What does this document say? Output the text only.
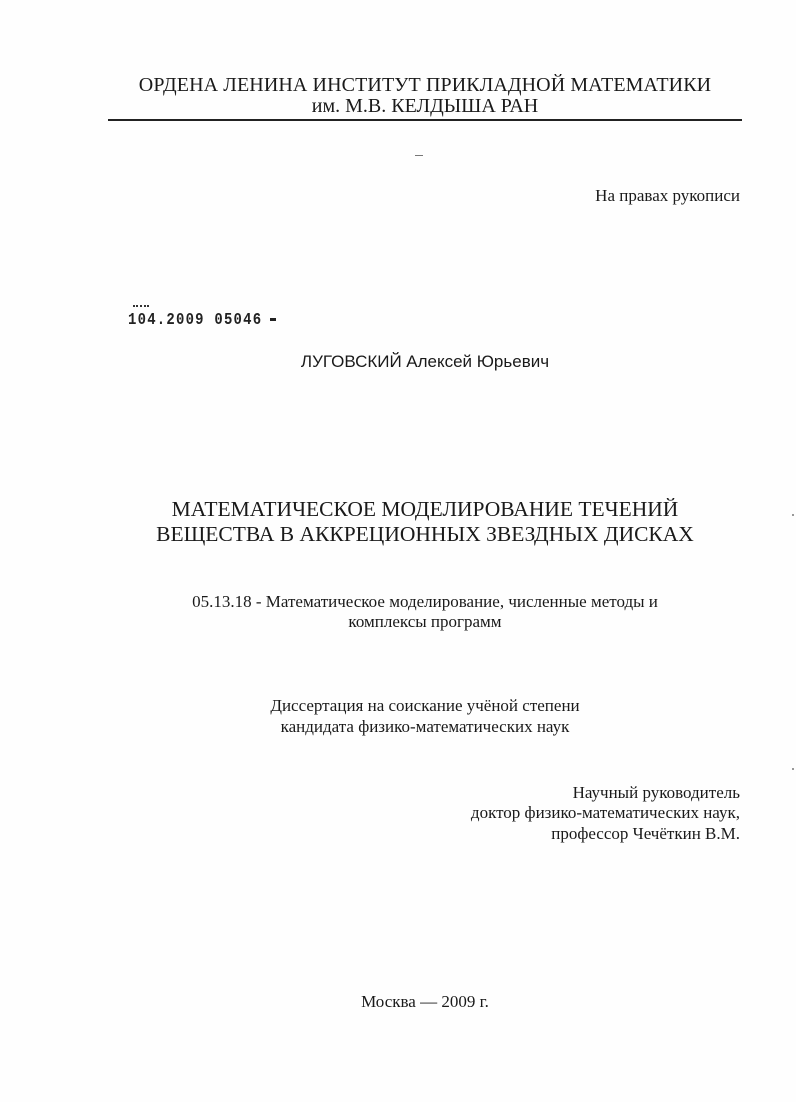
ОРДЕНА ЛЕНИНА ИНСТИТУТ ПРИКЛАДНОЙ МАТЕМАТИКИ
им. М.В. КЕЛДЫША РАН
На правах рукописи
104.2009 05046
ЛУГОВСКИЙ Алексей Юрьевич
МАТЕМАТИЧЕСКОЕ МОДЕЛИРОВАНИЕ ТЕЧЕНИЙ
ВЕЩЕСТВА В АККРЕЦИОННЫХ ЗВЕЗДНЫХ ДИСКАХ
05.13.18 - Математическое моделирование, численные методы и
комплексы программ
Диссертация на соискание учёной степени
кандидата физико-математических наук
Научный руководитель
доктор физико-математических наук,
профессор Чечёткин В.М.
Москва — 2009 г.
